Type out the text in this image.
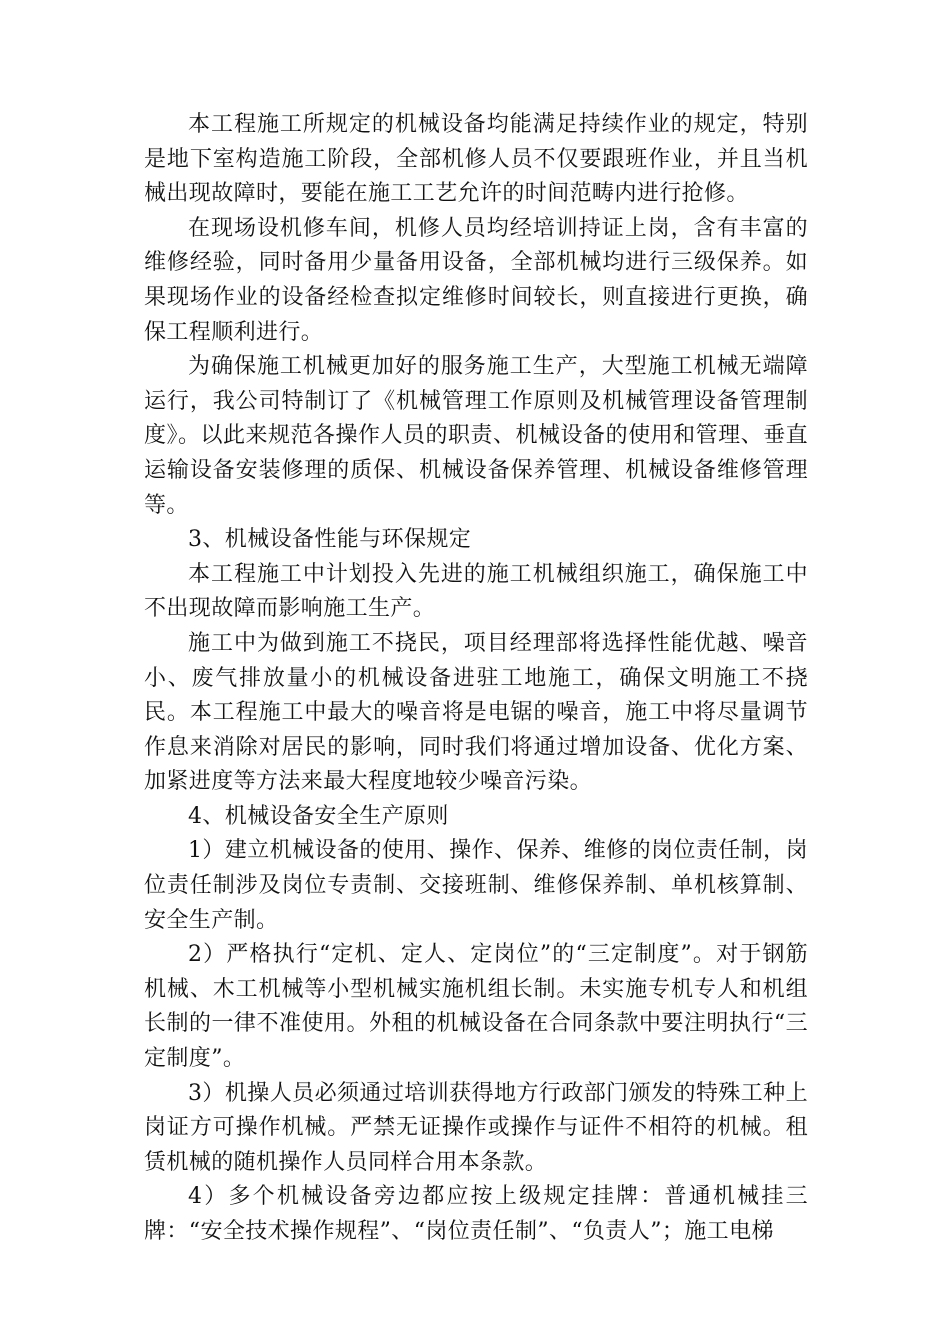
本工程施工所规定的机械设备均能满足持续作业的规定，特别是地下室构造施工阶段，全部机修人员不仅要跟班作业，并且当机械出现故障时，要能在施工工艺允许的时间范畴内进行抢修。

在现场设机修车间，机修人员均经培训持证上岗，含有丰富的维修经验，同时备用少量备用设备，全部机械均进行三级保养。如果现场作业的设备经检查拟定维修时间较长，则直接进行更换，确保工程顺利进行。

为确保施工机械更加好的服务施工生产，大型施工机械无端障运行，我公司特制订了《机械管理工作原则及机械管理设备管理制度》。以此来规范各操作人员的职责、机械设备的使用和管理、垂直运输设备安装修理的质保、机械设备保养管理、机械设备维修管理等。

3、机械设备性能与环保规定

本工程施工中计划投入先进的施工机械组织施工，确保施工中不出现故障而影响施工生产。

施工中为做到施工不挠民，项目经理部将选择性能优越、噪音小、废气排放量小的机械设备进驻工地施工，确保文明施工不挠民。本工程施工中最大的噪音将是电锯的噪音，施工中将尽量调节作息来消除对居民的影响，同时我们将通过增加设备、优化方案、加紧进度等方法来最大程度地较少噪音污染。

4、机械设备安全生产原则

1）建立机械设备的使用、操作、保养、维修的岗位责任制，岗位责任制涉及岗位专责制、交接班制、维修保养制、单机核算制、安全生产制。

2）严格执行“定机、定人、定岗位”的“三定制度”。对于钢筋机械、木工机械等小型机械实施机组长制。未实施专机专人和机组长制的一律不准使用。外租的机械设备在合同条款中要注明执行“三定制度”。

3）机操人员必须通过培训获得地方行政部门颁发的特殊工种上岗证方可操作机械。严禁无证操作或操作与证件不相符的机械。租赁机械的随机操作人员同样合用本条款。

4）多个机械设备旁边都应按上级规定挂牌：普通机械挂三牌：“安全技术操作规程”、“岗位责任制”、“负责人”；施工电梯
